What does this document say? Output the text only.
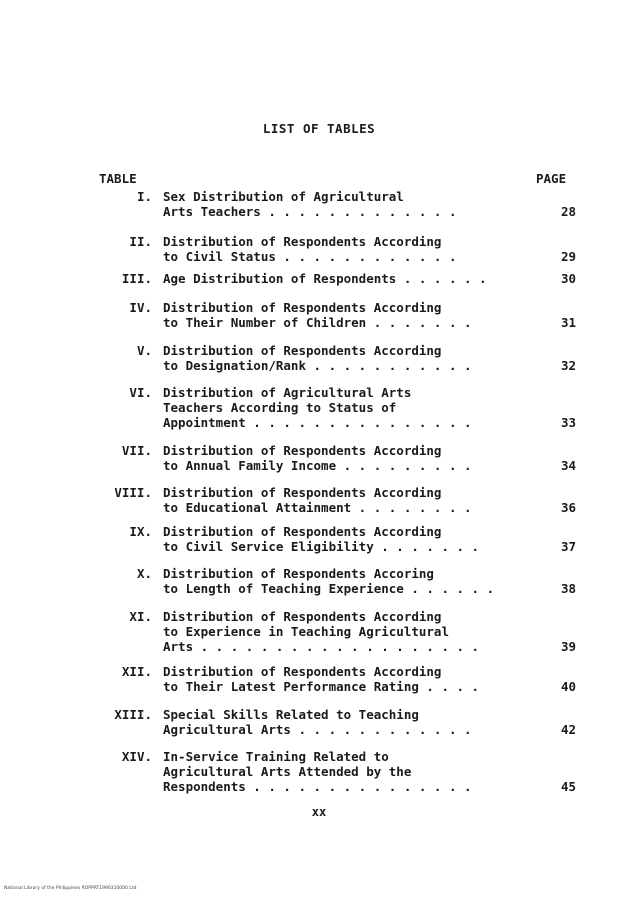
LIST OF TABLES
TABLE	PAGE
I. Sex Distribution of Agricultural
Arts Teachers . . . . . . . . . . . . .	28
II. Distribution of Respondents According
to Civil Status . . . . . . . . . . . .	29
III. Age Distribution of Respondents . . . . . .	30
IV. Distribution of Respondents According
to Their Number of Children . . . . . . .	31
V. Distribution of Respondents According
to Designation/Rank . . . . . . . . . . .	32
VI. Distribution of Agricultural Arts
Teachers According to Status of
Appointment . . . . . . . . . . . . . . .	33
VII. Distribution of Respondents According
to Annual Family Income . . . . . . . . .	34
VIII. Distribution of Respondents According
to Educational Attainment . . . . . . . .	36
IX. Distribution of Respondents According
to Civil Service Eligibility . . . . . . .	37
X. Distribution of Respondents Accoring
to Length of Teaching Experience . . . . . .	38
XI. Distribution of Respondents According
to Experience in Teaching Agricultural
Arts . . . . . . . . . . . . . . . . . . .	39
XII. Distribution of Respondents According
to Their Latest Performance Rating . . . .	40
XIII. Special Skills Related to Teaching
Agricultural Arts . . . . . . . . . . . .	42
XIV. In-Service Training Related to
Agricultural Arts Attended by the
Respondents . . . . . . . . . . . . . . .	45
xx
National Library of the Philippines ROPPRT1990310000 Ltd
